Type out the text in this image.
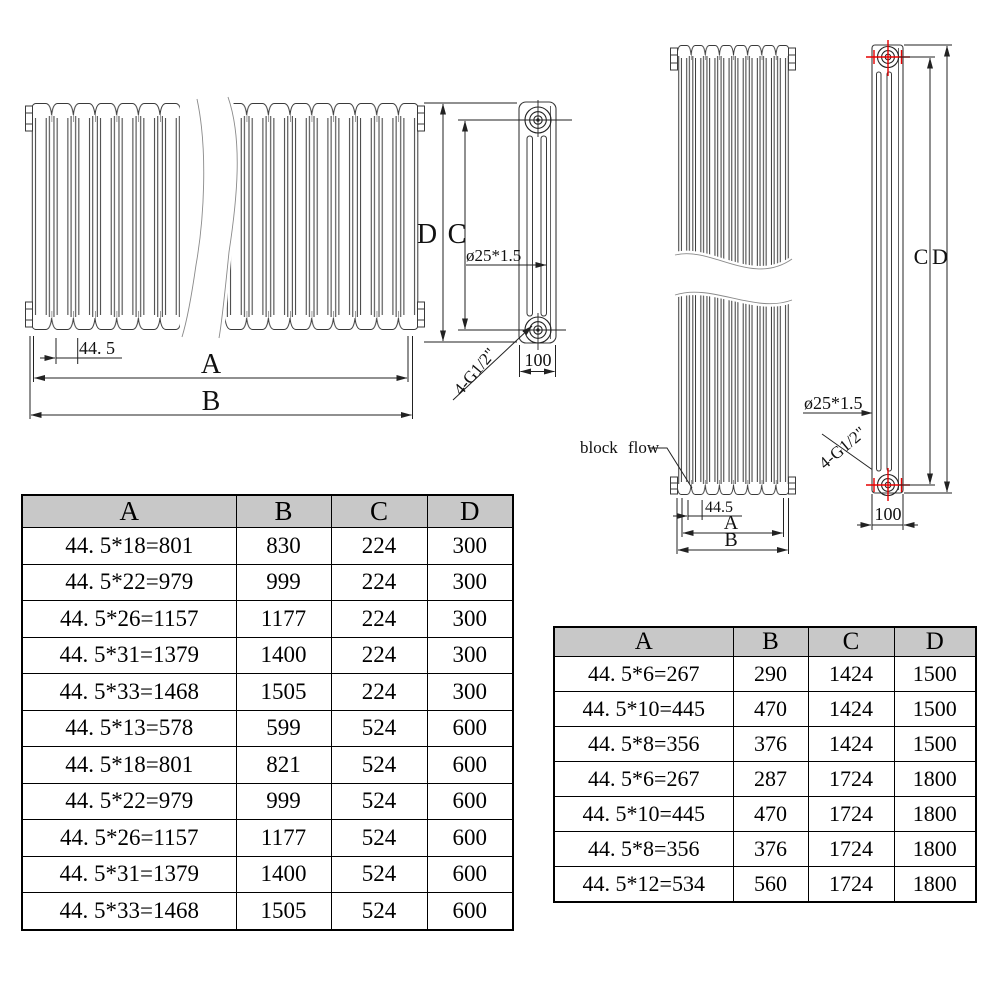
44. 5
A
B
D C
ø25*1.5
4-G1/2" 100
block flow
44.5
A
B
ø25*1.5
4-G1/2"
C D
100
A	B	C	D
44. 5*18=801	830	224	300
44. 5*22=979	999	224	300
44. 5*26=1157	1177	224	300
44. 5*31=1379	1400	224	300
44. 5*33=1468	1505	224	300
44. 5*13=578	599	524	600
44. 5*18=801	821	524	600
44. 5*22=979	999	524	600
44. 5*26=1157	1177	524	600
44. 5*31=1379	1400	524	600
44. 5*33=1468	1505	524	600
A	B	C	D
44. 5*6=267	290	1424	1500
44. 5*10=445	470	1424	1500
44. 5*8=356	376	1424	1500
44. 5*6=267	287	1724	1800
44. 5*10=445	470	1724	1800
44. 5*8=356	376	1724	1800
44. 5*12=534	560	1724	1800
